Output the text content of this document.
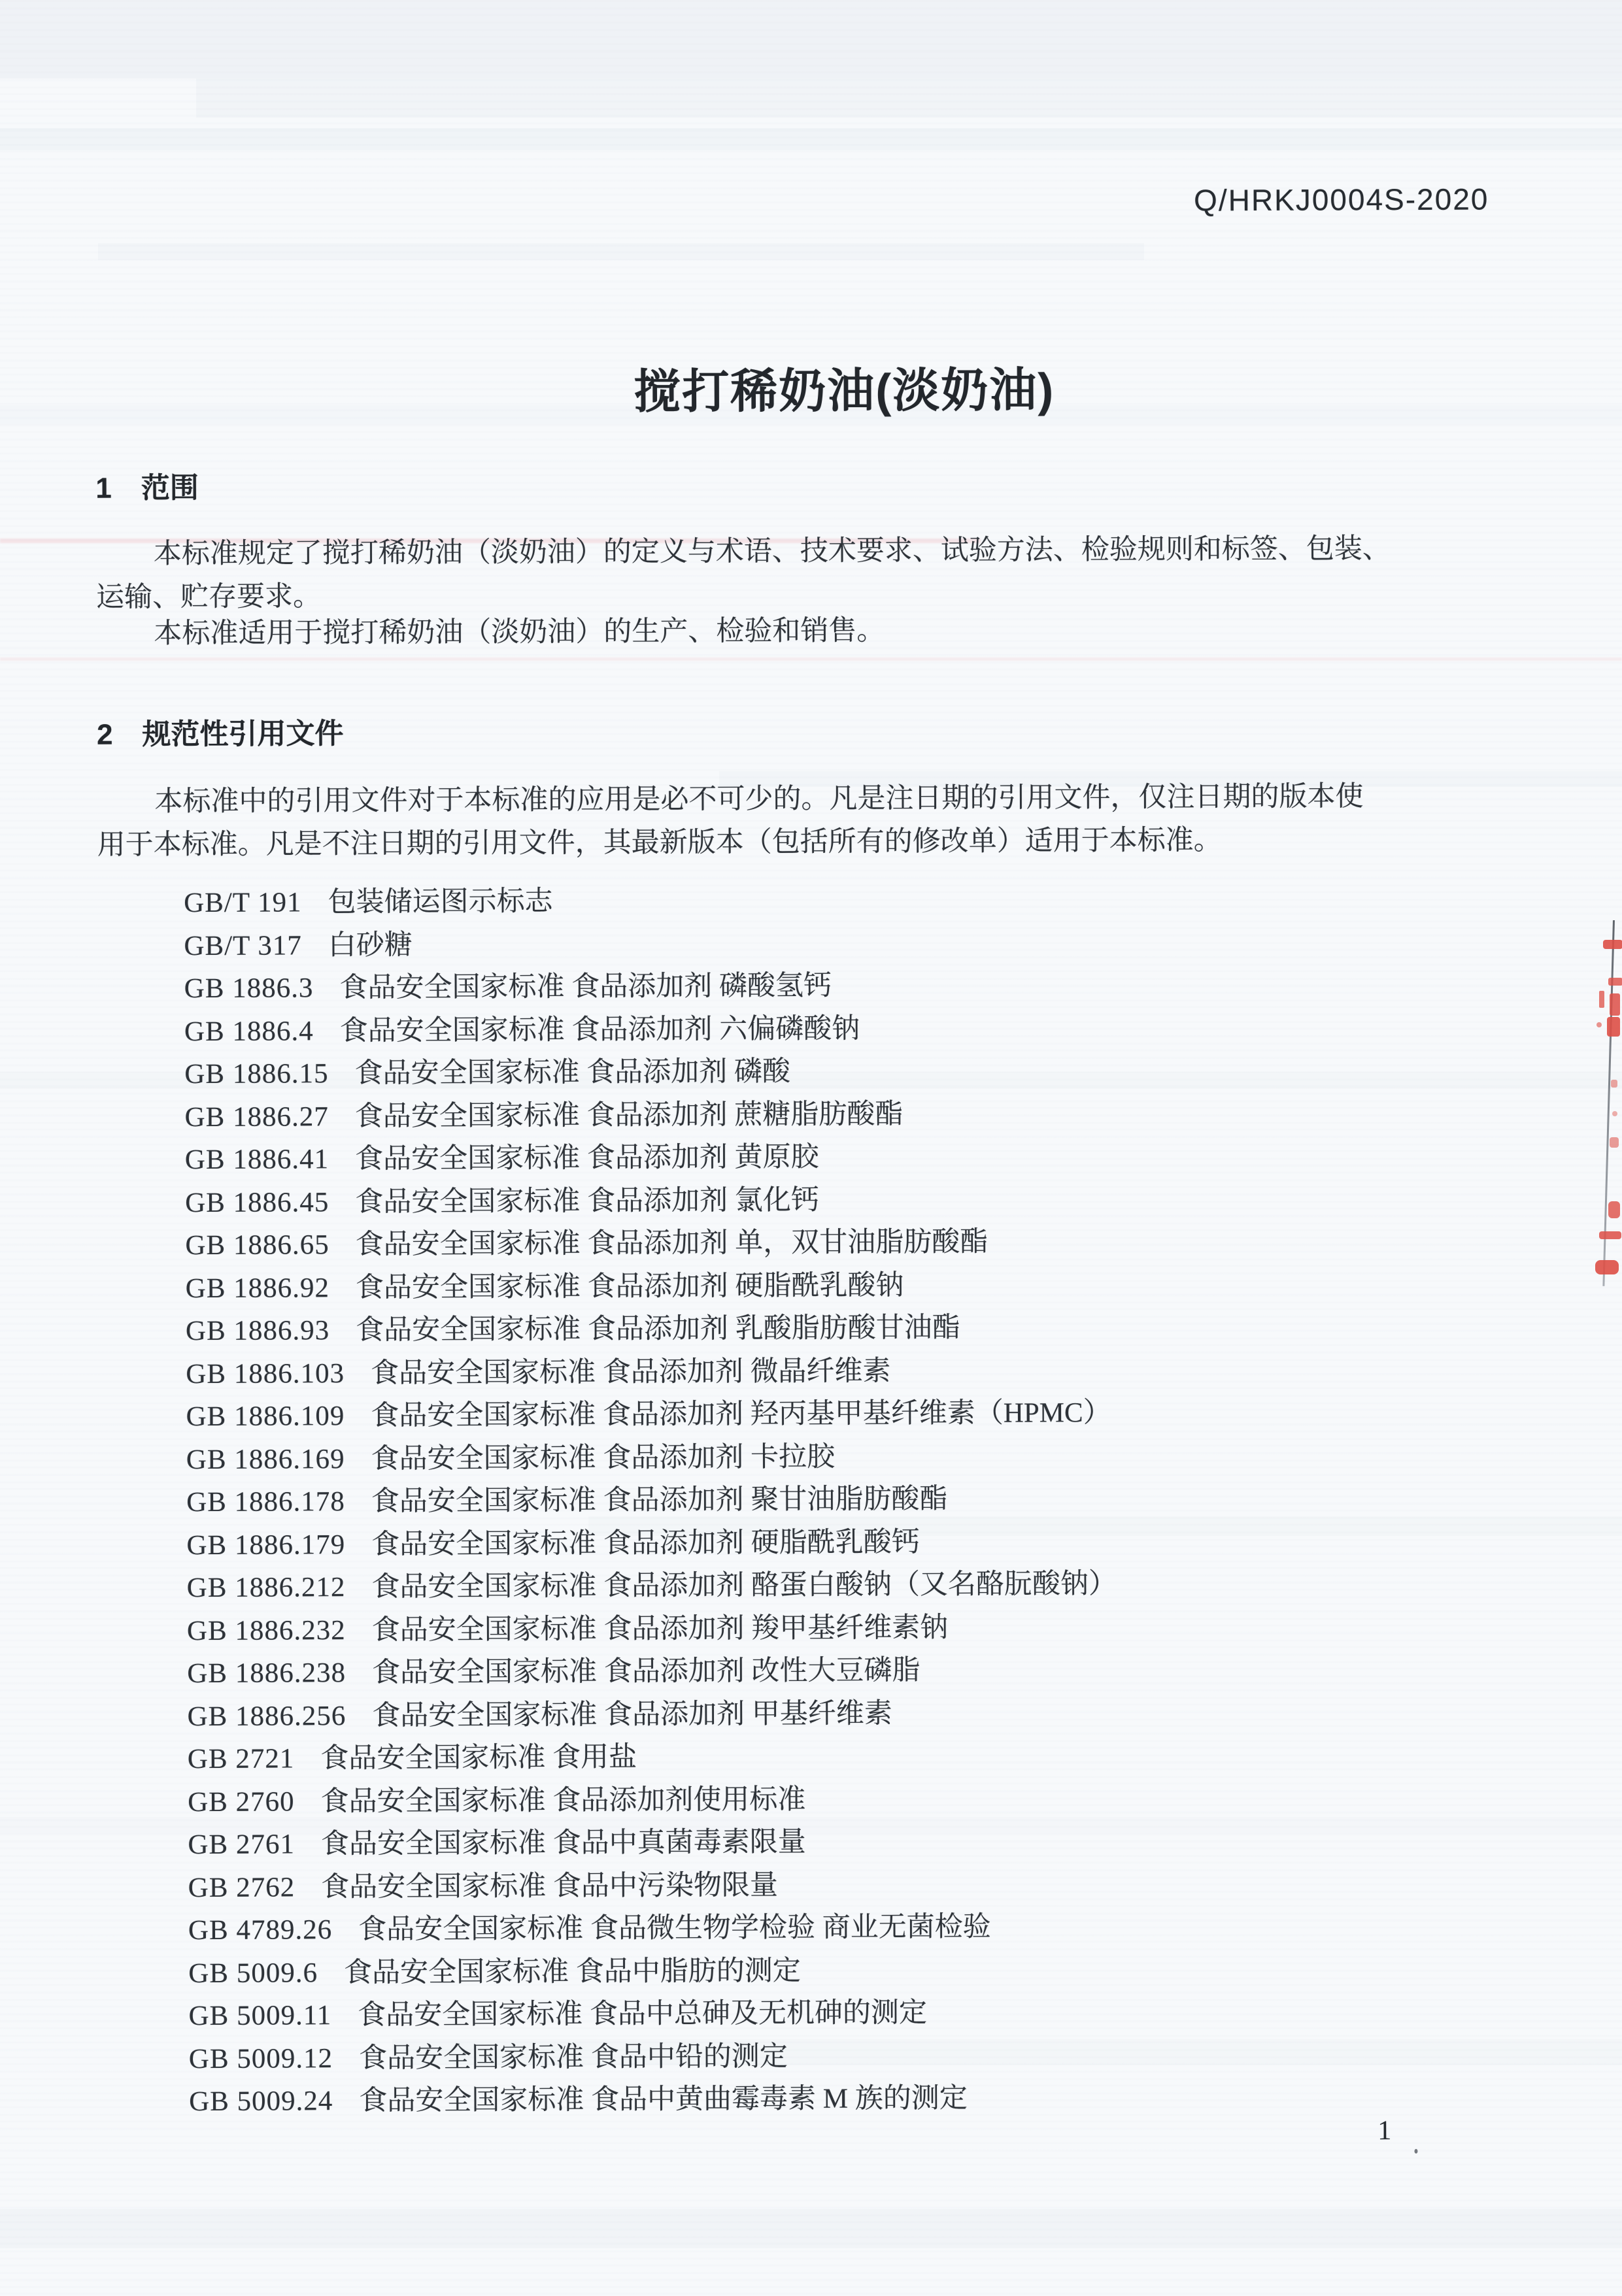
Q/HRKJ0004S-2020
搅打稀奶油(淡奶油)
1 范围

本标准规定了搅打稀奶油（淡奶油）的定义与术语、技术要求、试验方法、检验规则和标签、包装、
运输、贮存要求。

本标准适用于搅打稀奶油（淡奶油）的生产、检验和销售。

2 规范性引用文件

本标准中的引用文件对于本标准的应用是必不可少的。凡是注日期的引用文件，仅注日期的版本使
用于本标准。凡是不注日期的引用文件，其最新版本（包括所有的修改单）适用于本标准。

GB/T 191 包装储运图示标志
GB/T 317 白砂糖
GB 1886.3 食品安全国家标准 食品添加剂 磷酸氢钙
GB 1886.4 食品安全国家标准 食品添加剂 六偏磷酸钠
GB 1886.15 食品安全国家标准 食品添加剂 磷酸
GB 1886.27 食品安全国家标准 食品添加剂 蔗糖脂肪酸酯
GB 1886.41 食品安全国家标准 食品添加剂 黄原胶
GB 1886.45 食品安全国家标准 食品添加剂 氯化钙
GB 1886.65 食品安全国家标准 食品添加剂 单，双甘油脂肪酸酯
GB 1886.92 食品安全国家标准 食品添加剂 硬脂酰乳酸钠
GB 1886.93 食品安全国家标准 食品添加剂 乳酸脂肪酸甘油酯
GB 1886.103 食品安全国家标准 食品添加剂 微晶纤维素
GB 1886.109 食品安全国家标准 食品添加剂 羟丙基甲基纤维素（HPMC）
GB 1886.169 食品安全国家标准 食品添加剂 卡拉胶
GB 1886.178 食品安全国家标准 食品添加剂 聚甘油脂肪酸酯
GB 1886.179 食品安全国家标准 食品添加剂 硬脂酰乳酸钙
GB 1886.212 食品安全国家标准 食品添加剂 酪蛋白酸钠（又名酪朊酸钠）
GB 1886.232 食品安全国家标准 食品添加剂 羧甲基纤维素钠
GB 1886.238 食品安全国家标准 食品添加剂 改性大豆磷脂
GB 1886.256 食品安全国家标准 食品添加剂 甲基纤维素
GB 2721 食品安全国家标准 食用盐
GB 2760 食品安全国家标准 食品添加剂使用标准
GB 2761 食品安全国家标准 食品中真菌毒素限量
GB 2762 食品安全国家标准 食品中污染物限量
GB 4789.26 食品安全国家标准 食品微生物学检验 商业无菌检验
GB 5009.6 食品安全国家标准 食品中脂肪的测定
GB 5009.11 食品安全国家标准 食品中总砷及无机砷的测定
GB 5009.12 食品安全国家标准 食品中铅的测定
GB 5009.24 食品安全国家标准 食品中黄曲霉毒素 M 族的测定
1
